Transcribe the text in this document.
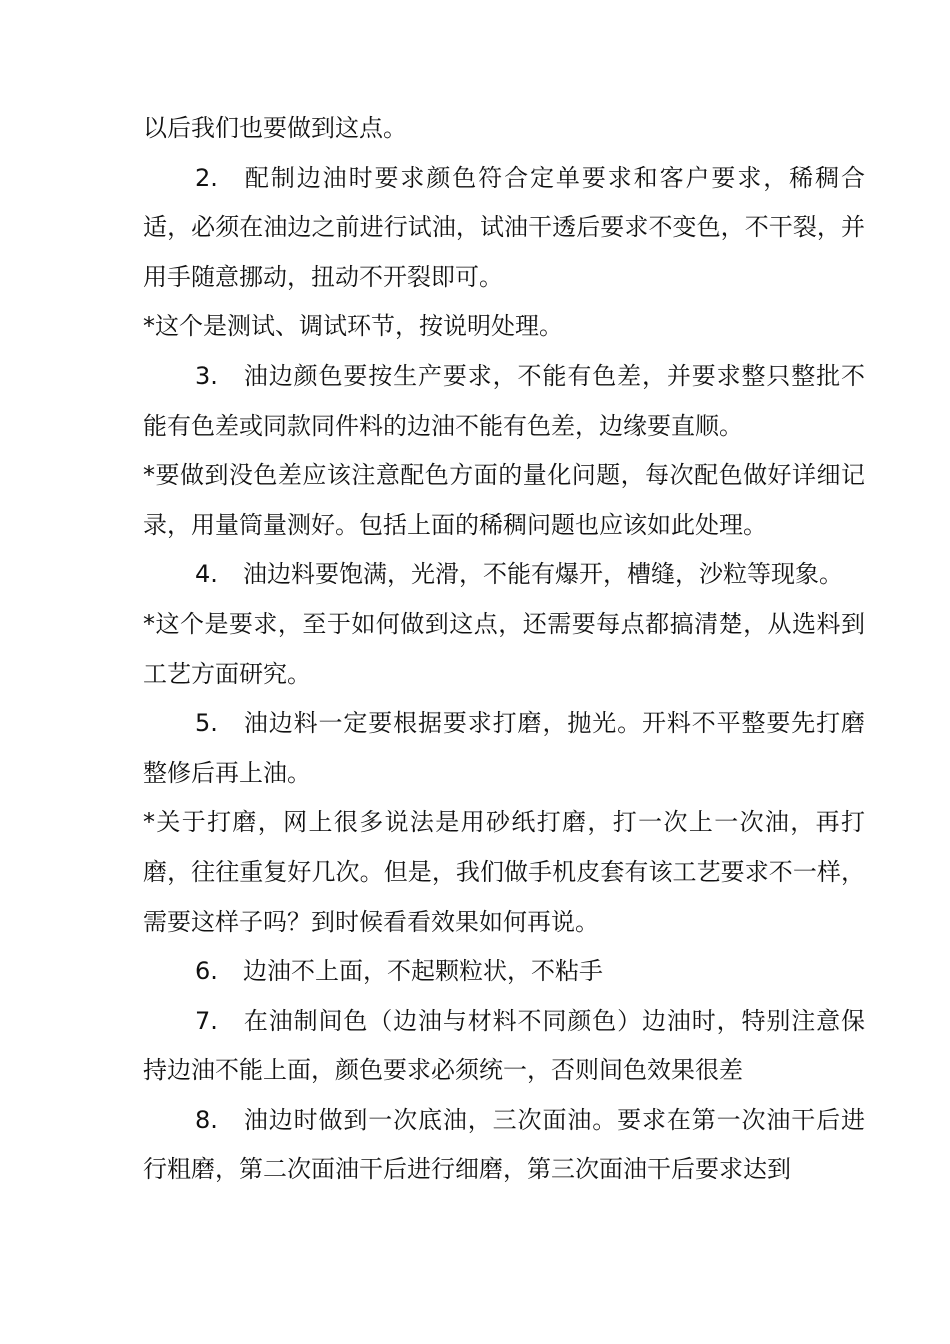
以后我们也要做到这点。

2. 配制边油时要求颜色符合定单要求和客户要求，稀稠合适，必须在油边之前进行试油，试油干透后要求不变色，不干裂，并用手随意挪动，扭动不开裂即可。

*这个是测试、调试环节，按说明处理。

3. 油边颜色要按生产要求，不能有色差，并要求整只整批不能有色差或同款同件料的边油不能有色差，边缘要直顺。

*要做到没色差应该注意配色方面的量化问题，每次配色做好详细记录，用量筒量测好。包括上面的稀稠问题也应该如此处理。

4. 油边料要饱满，光滑，不能有爆开，槽缝，沙粒等现象。

*这个是要求，至于如何做到这点，还需要每点都搞清楚，从选料到工艺方面研究。

5. 油边料一定要根据要求打磨，抛光。开料不平整要先打磨整修后再上油。

*关于打磨，网上很多说法是用砂纸打磨，打一次上一次油，再打磨，往往重复好几次。但是，我们做手机皮套有该工艺要求不一样，需要这样子吗？到时候看看效果如何再说。

6. 边油不上面，不起颗粒状，不粘手

7. 在油制间色（边油与材料不同颜色）边油时，特别注意保持边油不能上面，颜色要求必须统一，否则间色效果很差

8. 油边时做到一次底油，三次面油。要求在第一次油干后进行粗磨，第二次面油干后进行细磨，第三次面油干后要求达到
